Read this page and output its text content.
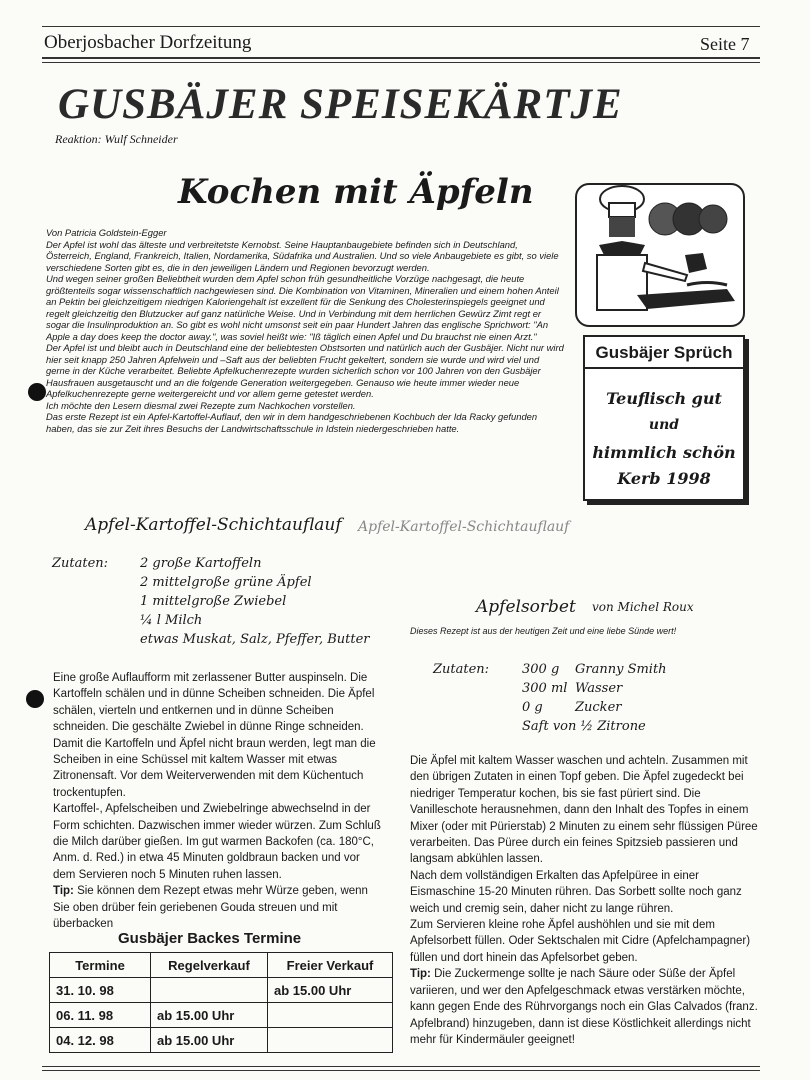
Oberjosbacher Dorfzeitung	Seite 7
GUSBÄJER SPEISEKÄRTJE
Reaktion: Wulf Schneider
Kochen mit Äpfeln

Von Patricia Goldstein-Egger

Der Apfel ist wohl das älteste und verbreitetste Kernobst. Seine Hauptanbaugebiete befinden sich in Deutschland, Österreich, England, Frankreich, Italien, Nordamerika, Südafrika und Australien. Und so viele Anbaugebiete es gibt, so viele verschiedene Sorten gibt es, die in den jeweiligen Ländern und Regionen bevorzugt werden.

Und wegen seiner großen Beliebtheit wurden dem Apfel schon früh gesundheitliche Vorzüge nachgesagt, die heute größtenteils sogar wissenschaftlich nachgewiesen sind. Die Kombination von Vitaminen, Mineralien und einem hohen Anteil an Pektin bei gleichzeitigem niedrigen Kaloriengehalt ist exzellent für die Senkung des Cholesterinspiegels geeignet und regelt gleichzeitig den Blutzucker auf ganz natürliche Weise. Und in Verbindung mit dem herrlichen Gewürz Zimt regt er sogar die Insulinproduktion an. So gibt es wohl nicht umsonst seit ein paar Hundert Jahren das englische Sprichwort: "An Apple a day does keep the doctor away.", was soviel heißt wie: "Iß täglich einen Apfel und Du brauchst nie einen Arzt."

Der Apfel ist und bleibt auch in Deutschland eine der beliebtesten Obstsorten und natürlich auch der Gusbäjer. Nicht nur wird hier seit knapp 250 Jahren Apfelwein und –Saft aus der beliebten Frucht gekeltert, sondern sie wurde und wird viel und gerne in der Küche verarbeitet. Beliebte Apfelkuchenrezepte wurden sicherlich schon vor 100 Jahren von den Gusbäjer Hausfrauen ausgetauscht und an die folgende Generation weitergegeben. Genauso wie heute immer wieder neue Apfelkuchenrezepte gerne weitergereicht und vor allem gerne getestet werden.

Ich möchte den Lesern diesmal zwei Rezepte zum Nachkochen vorstellen.

Das erste Rezept ist ein Apfel-Kartoffel-Auflauf, den wir in dem handgeschriebenen Kochbuch der Ida Racky gefunden haben, das sie zur Zeit ihres Besuchs der Landwirtschaftsschule in Idstein niedergeschrieben hatte.

Gusbäjer Sprüch
Teuflisch gut
und
himmlich schön
Kerb 1998
Apfel-Kartoffel-Schichtauflauf Apfel-Kartoffel-Schichtauflauf
Zutaten: 2 große Kartoffeln
2 mittelgroße grüne Äpfel
1 mittelgroße Zwiebel
¼ l Milch
etwas Muskat, Salz, Pfeffer, Butter

Eine große Auflaufform mit zerlassener Butter auspinseln. Die Kartoffeln schälen und in dünne Scheiben schneiden. Die Äpfel schälen, vierteln und entkernen und in dünne Scheiben schneiden. Die geschälte Zwiebel in dünne Ringe schneiden.

Damit die Kartoffeln und Äpfel nicht braun werden, legt man die Scheiben in eine Schüssel mit kaltem Wasser mit etwas Zitronensaft. Vor dem Weiterverwenden mit dem Küchentuch trockentupfen.

Kartoffel-, Apfelscheiben und Zwiebelringe abwechselnd in der Form schichten. Dazwischen immer wieder würzen. Zum Schluß die Milch darüber gießen. Im gut warmen Backofen (ca. 180°C, Anm. d. Red.) in etwa 45 Minuten goldbraun backen und vor dem Servieren noch 5 Minuten ruhen lassen.

Tip: Sie können dem Rezept etwas mehr Würze geben, wenn Sie oben drüber fein geriebenen Gouda streuen und mit überbacken

Apfelsorbet von Michel Roux
Dieses Rezept ist aus der heutigen Zeit und eine liebe Sünde wert!
Zutaten:	300 g Granny Smith
300 ml Wasser
0 g Zucker
Saft von ½ Zitrone

Die Äpfel mit kaltem Wasser waschen und achteln. Zusammen mit den übrigen Zutaten in einen Topf geben. Die Äpfel zugedeckt bei niedriger Temperatur kochen, bis sie fast püriert sind. Die Vanilleschote herausnehmen, dann den Inhalt des Topfes in einem Mixer (oder mit Pürierstab) 2 Minuten zu einem sehr flüssigen Püree verarbeiten. Das Püree durch ein feines Spitzsieb passieren und langsam abkühlen lassen.

Nach dem vollständigen Erkalten das Apfelpüree in einer Eismaschine 15-20 Minuten rühren. Das Sorbett sollte noch ganz weich und cremig sein, daher nicht zu lange rühren.

Zum Servieren kleine rohe Äpfel aushöhlen und sie mit dem Apfelsorbett füllen. Oder Sektschalen mit Cidre (Apfelchampagner) füllen und dort hinein das Apfelsorbet geben.

Tip: Die Zuckermenge sollte je nach Säure oder Süße der Äpfel variieren, und wer den Apfelgeschmack etwas verstärken möchte, kann gegen Ende des Rührvorgangs noch ein Glas Calvados (franz. Apfelbrand) hinzugeben, dann ist diese Köstlichkeit allerdings nicht mehr für Kindermäuler geeignet!

Gusbäjer Backes Termine
Termine	Regelverkauf	Freier Verkauf
31. 10. 98		ab 15.00 Uhr
06. 11. 98	ab 15.00 Uhr	
04. 12. 98	ab 15.00 Uhr	
